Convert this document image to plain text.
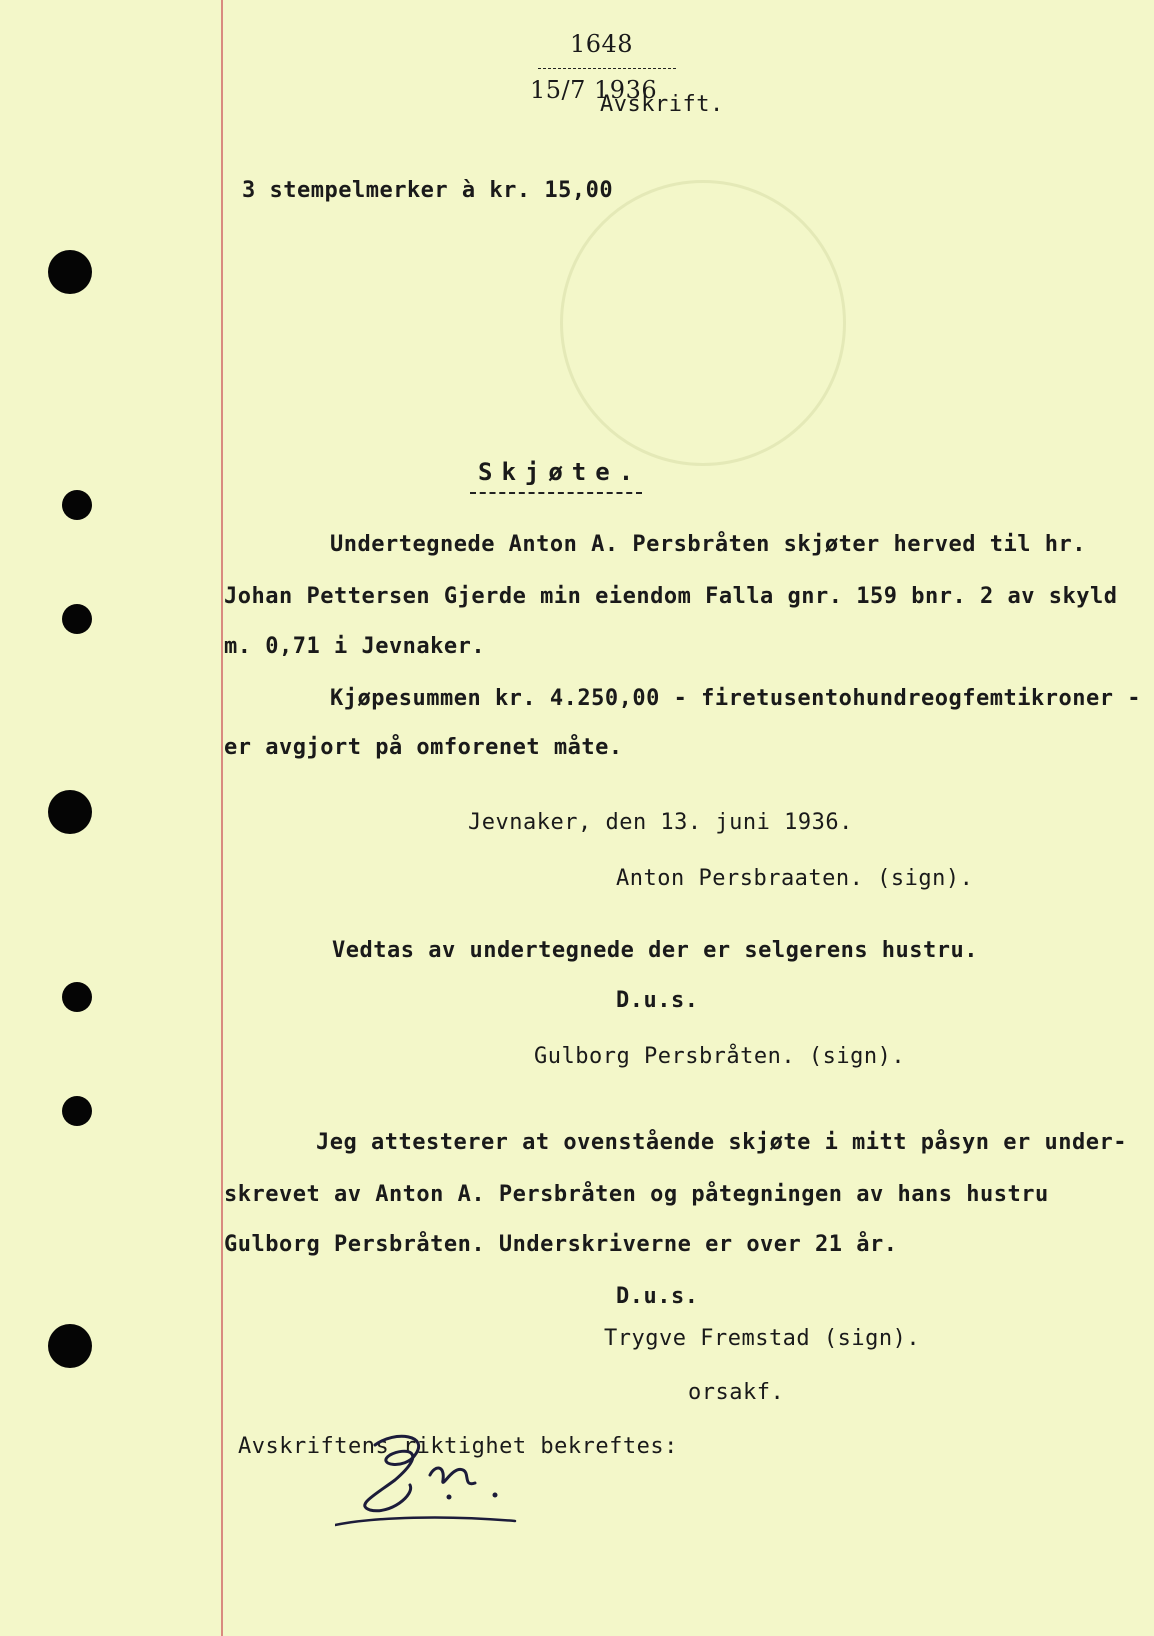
1648
15/7 1936
Avskrift.
3 stempelmerker à kr. 15,00
Skjøte.
Undertegnede Anton A. Persbråten skjøter herved til hr.
Johan Pettersen Gjerde min eiendom Falla gnr. 159 bnr. 2 av skyld
m. 0,71 i Jevnaker.
Kjøpesummen kr. 4.250,00 - firetusentohundreogfemtikroner -
er avgjort på omforenet måte.
Jevnaker, den 13. juni 1936.
Anton Persbraaten. (sign).
Vedtas av undertegnede der er selgerens hustru.
D.u.s.
Gulborg Persbråten. (sign).
Jeg attesterer at ovenstående skjøte i mitt påsyn er under-
skrevet av Anton A. Persbråten og påtegningen av hans hustru
Gulborg Persbråten. Underskriverne er over 21 år.
D.u.s.
Trygve Fremstad (sign).
orsakf.
Avskriftens riktighet bekreftes:
